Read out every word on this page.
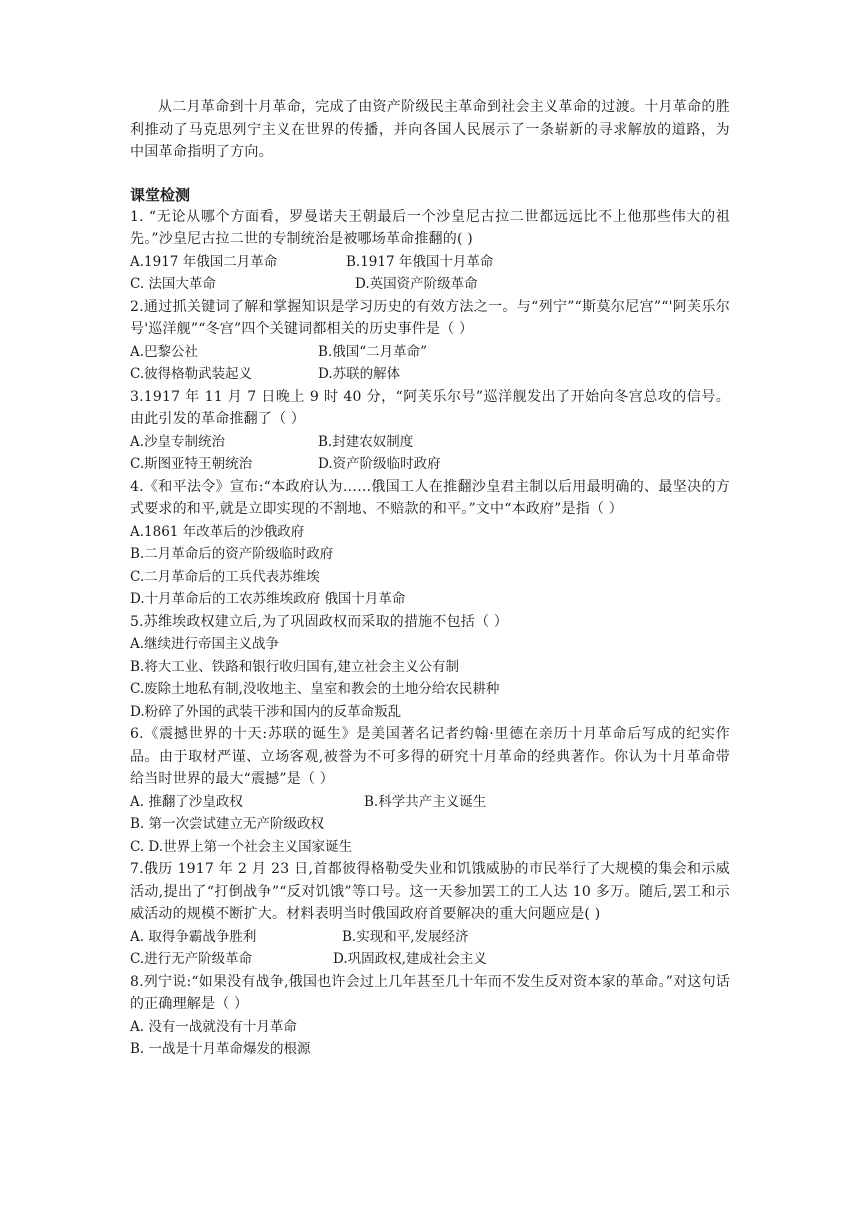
从二月革命到十月革命，完成了由资产阶级民主革命到社会主义革命的过渡。十月革命的胜利推动了马克思列宁主义在世界的传播，并向各国人民展示了一条崭新的寻求解放的道路，为中国革命指明了方向。

课堂检测

1. “无论从哪个方面看，罗曼诺夫王朝最后一个沙皇尼古拉二世都远远比不上他那些伟大的祖先。”沙皇尼古拉二世的专制统治是被哪场革命推翻的( )

A.1917 年俄国二月革命	B.1917 年俄国十月革命
C. 法国大革命	D.英国资产阶级革命

2.通过抓关键词了解和掌握知识是学习历史的有效方法之一。与“列宁”“斯莫尔尼宫”“'阿芙乐尔号'巡洋舰”“冬宫”四个关键词都相关的历史事件是（ ）

A.巴黎公社	B.俄国“二月革命”
C.彼得格勒武装起义	D.苏联的解体

3.1917 年 11 月 7 日晚上 9 时 40 分，“阿芙乐尔号”巡洋舰发出了开始向冬宫总攻的信号。由此引发的革命推翻了（ ）

A.沙皇专制统治	B.封建农奴制度
C.斯图亚特王朝统治	D.资产阶级临时政府

4.《和平法令》宣布:“本政府认为……俄国工人在推翻沙皇君主制以后用最明确的、最坚决的方式要求的和平,就是立即实现的不割地、不赔款的和平。”文中“本政府”是指（ ）

A.1861 年改革后的沙俄政府
B.二月革命后的资产阶级临时政府
C.二月革命后的工兵代表苏维埃
D.十月革命后的工农苏维埃政府 俄国十月革命

5.苏维埃政权建立后,为了巩固政权而采取的措施不包括（ ）

A.继续进行帝国主义战争
B.将大工业、铁路和银行收归国有,建立社会主义公有制
C.废除土地私有制,没收地主、皇室和教会的土地分给农民耕种
D.粉碎了外国的武装干涉和国内的反革命叛乱

6.《震撼世界的十天:苏联的诞生》是美国著名记者约翰·里德在亲历十月革命后写成的纪实作品。由于取材严谨、立场客观,被誉为不可多得的研究十月革命的经典著作。你认为十月革命带给当时世界的最大“震撼”是（ ）

A. 推翻了沙皇政权	B.科学共产主义诞生
B. 第一次尝试建立无产阶级政权
C. D.世界上第一个社会主义国家诞生

7.俄历 1917 年 2 月 23 日,首都彼得格勒受失业和饥饿威胁的市民举行了大规模的集会和示威活动,提出了“打倒战争”“反对饥饿”等口号。这一天参加罢工的工人达 10 多万。随后,罢工和示威活动的规模不断扩大。材料表明当时俄国政府首要解决的重大问题应是( )

A. 取得争霸战争胜利	B.实现和平,发展经济
C.进行无产阶级革命	D.巩固政权,建成社会主义

8.列宁说:“如果没有战争,俄国也许会过上几年甚至几十年而不发生反对资本家的革命。”对这句话的正确理解是（ ）

A. 没有一战就没有十月革命
B. 一战是十月革命爆发的根源
